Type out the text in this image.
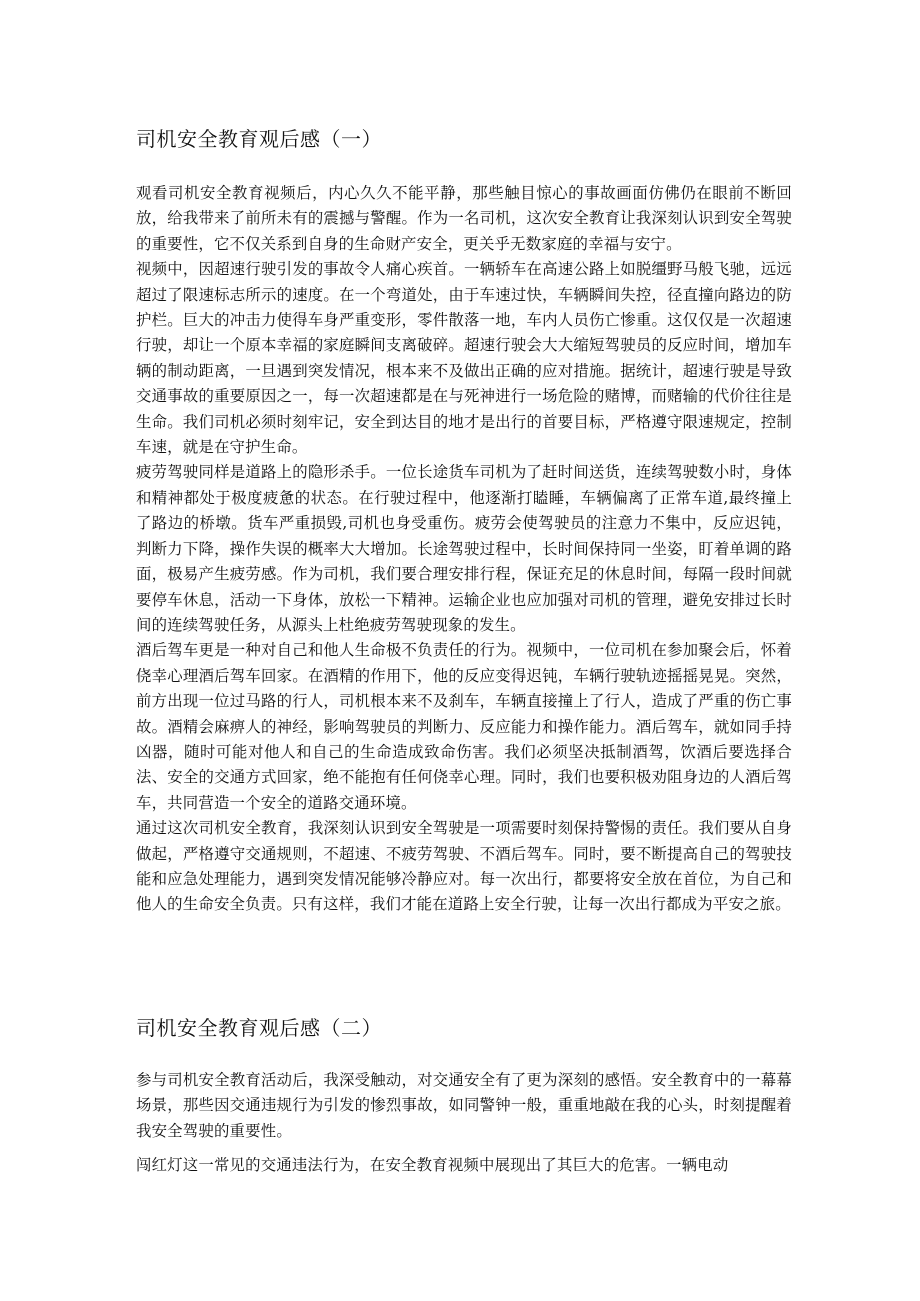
司机安全教育观后感（一）

观看司机安全教育视频后，内心久久不能平静，那些触目惊心的事故画面仿佛仍在眼前不断回放，给我带来了前所未有的震撼与警醒。作为一名司机，这次安全教育让我深刻认识到安全驾驶的重要性，它不仅关系到自身的生命财产安全，更关乎无数家庭的幸福与安宁。

视频中，因超速行驶引发的事故令人痛心疾首。一辆轿车在高速公路上如脱缰野马般飞驰，远远超过了限速标志所示的速度。在一个弯道处，由于车速过快，车辆瞬间失控，径直撞向路边的防护栏。巨大的冲击力使得车身严重变形，零件散落一地，车内人员伤亡惨重。这仅仅是一次超速行驶，却让一个原本幸福的家庭瞬间支离破碎。超速行驶会大大缩短驾驶员的反应时间，增加车辆的制动距离，一旦遇到突发情况，根本来不及做出正确的应对措施。据统计，超速行驶是导致交通事故的重要原因之一，每一次超速都是在与死神进行一场危险的赌博，而赌输的代价往往是生命。我们司机必须时刻牢记，安全到达目的地才是出行的首要目标，严格遵守限速规定，控制车速，就是在守护生命。

疲劳驾驶同样是道路上的隐形杀手。一位长途货车司机为了赶时间送货，连续驾驶数小时，身体和精神都处于极度疲惫的状态。在行驶过程中，他逐渐打瞌睡，车辆偏离了正常车道,最终撞上了路边的桥墩。货车严重损毁,司机也身受重伤。疲劳会使驾驶员的注意力不集中，反应迟钝，判断力下降，操作失误的概率大大增加。长途驾驶过程中，长时间保持同一坐姿，盯着单调的路面，极易产生疲劳感。作为司机，我们要合理安排行程，保证充足的休息时间，每隔一段时间就要停车休息，活动一下身体，放松一下精神。运输企业也应加强对司机的管理，避免安排过长时间的连续驾驶任务，从源头上杜绝疲劳驾驶现象的发生。

酒后驾车更是一种对自己和他人生命极不负责任的行为。视频中，一位司机在参加聚会后，怀着侥幸心理酒后驾车回家。在酒精的作用下，他的反应变得迟钝，车辆行驶轨迹摇摇晃晃。突然，前方出现一位过马路的行人，司机根本来不及刹车，车辆直接撞上了行人，造成了严重的伤亡事故。酒精会麻痹人的神经，影响驾驶员的判断力、反应能力和操作能力。酒后驾车，就如同手持凶器，随时可能对他人和自己的生命造成致命伤害。我们必须坚决抵制酒驾，饮酒后要选择合法、安全的交通方式回家，绝不能抱有任何侥幸心理。同时，我们也要积极劝阻身边的人酒后驾车，共同营造一个安全的道路交通环境。

通过这次司机安全教育，我深刻认识到安全驾驶是一项需要时刻保持警惕的责任。我们要从自身做起，严格遵守交通规则，不超速、不疲劳驾驶、不酒后驾车。同时，要不断提高自己的驾驶技能和应急处理能力，遇到突发情况能够冷静应对。每一次出行，都要将安全放在首位，为自己和他人的生命安全负责。只有这样，我们才能在道路上安全行驶，让每一次出行都成为平安之旅。

司机安全教育观后感（二）

参与司机安全教育活动后，我深受触动，对交通安全有了更为深刻的感悟。安全教育中的一幕幕场景，那些因交通违规行为引发的惨烈事故，如同警钟一般，重重地敲在我的心头，时刻提醒着我安全驾驶的重要性。

闯红灯这一常见的交通违法行为，在安全教育视频中展现出了其巨大的危害。一辆电动
